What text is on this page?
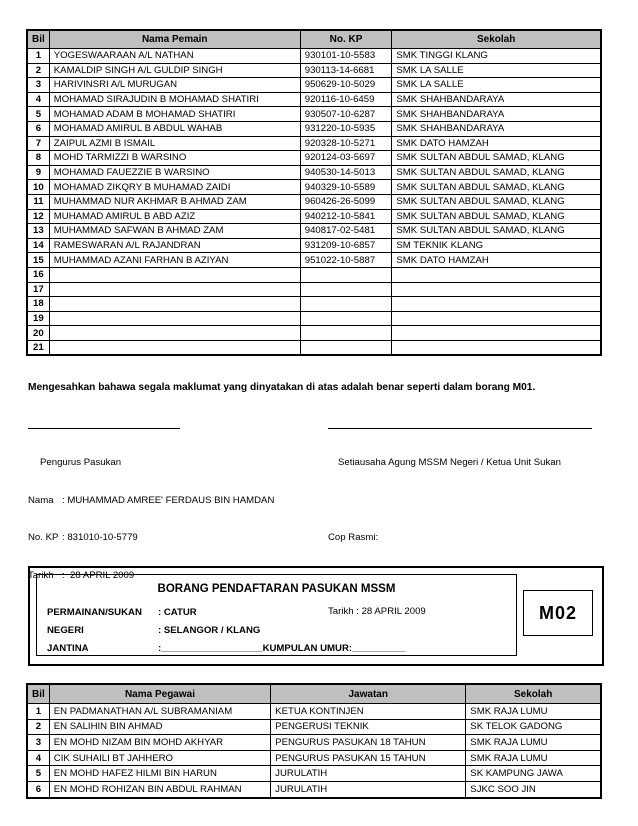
Bil	Nama Pemain	No. KP	Sekolah
1	YOGESWAARAAN A/L NATHAN	930101-10-5583	SMK TINGGI KLANG
2	KAMALDIP SINGH A/L GULDIP SINGH	930113-14-6681	SMK LA SALLE
3	HARIVINSRI A/L MURUGAN	950629-10-5029	SMK LA SALLE
4	MOHAMAD SIRAJUDIN B MOHAMAD SHATIRI	920116-10-6459	SMK SHAHBANDARAYA
5	MOHAMAD ADAM B MOHAMAD SHATIRI	930507-10-6287	SMK SHAHBANDARAYA
6	MOHAMAD AMIRUL B ABDUL WAHAB	931220-10-5935	SMK SHAHBANDARAYA
7	ZAIPUL AZMI B ISMAIL	920328-10-5271	SMK DATO HAMZAH
8	MOHD TARMIZZI B WARSINO	920124-03-5697	SMK SULTAN ABDUL SAMAD, KLANG
9	MOHAMAD FAUEZZIE B WARSINO	940530-14-5013	SMK SULTAN ABDUL SAMAD, KLANG
10	MOHAMAD ZIKQRY B MUHAMAD ZAIDI	940329-10-5589	SMK SULTAN ABDUL SAMAD, KLANG
11	MUHAMMAD NUR AKHMAR B AHMAD ZAM	960426-26-5099	SMK SULTAN ABDUL SAMAD, KLANG
12	MUHAMAD AMIRUL B ABD AZIZ	940212-10-5841	SMK SULTAN ABDUL SAMAD, KLANG
13	MUHAMMAD SAFWAN B AHMAD ZAM	940817-02-5481	SMK SULTAN ABDUL SAMAD, KLANG
14	RAMESWARAN A/L RAJANDRAN	931209-10-6857	SM TEKNIK KLANG
15	MUHAMMAD AZANI FARHAN B AZIYAN	951022-10-5887	SMK DATO HAMZAH
16			
17			
18			
19			
20			
21			
Mengesahkan bahawa segala maklumat yang dinyatakan di atas adalah benar seperti dalam borang M01.

Pengurus Pasukan

Nama : MUHAMMAD AMREE' FERDAUS BIN HAMDAN

No. KP : 831010-10-5779

Tarikh :  28 APRIL 2009

Setiausaha Agung MSSM Negeri / Ketua Unit Sukan

Cop Rasmi:

Tarikh : 28 APRIL 2009

BORANG PENDAFTARAN PASUKAN MSSM
PERMAINAN/SUKAN : CATUR
NEGERI	: SELANGOR / KLANG
JANTINA	:___________________KUMPULAN UMUR:__________
M02
Bil	Nama Pegawai	Jawatan	Sekolah
1	EN PADMANATHAN A/L SUBRAMANIAM	KETUA KONTINJEN	SMK RAJA LUMU
2	EN SALIHIN BIN AHMAD	PENGERUSI TEKNIK	SK TELOK GADONG
3	EN MOHD NIZAM BIN MOHD AKHYAR	PENGURUS PASUKAN 18 TAHUN	SMK RAJA LUMU
4	CIK SUHAILI BT JAHHERO	PENGURUS PASUKAN 15 TAHUN	SMK RAJA LUMU
5	EN MOHD HAFEZ HILMI BIN HARUN	JURULATIH	SK KAMPUNG JAWA
6	EN MOHD ROHIZAN BIN ABDUL RAHMAN	JURULATIH	SJKC SOO JIN
